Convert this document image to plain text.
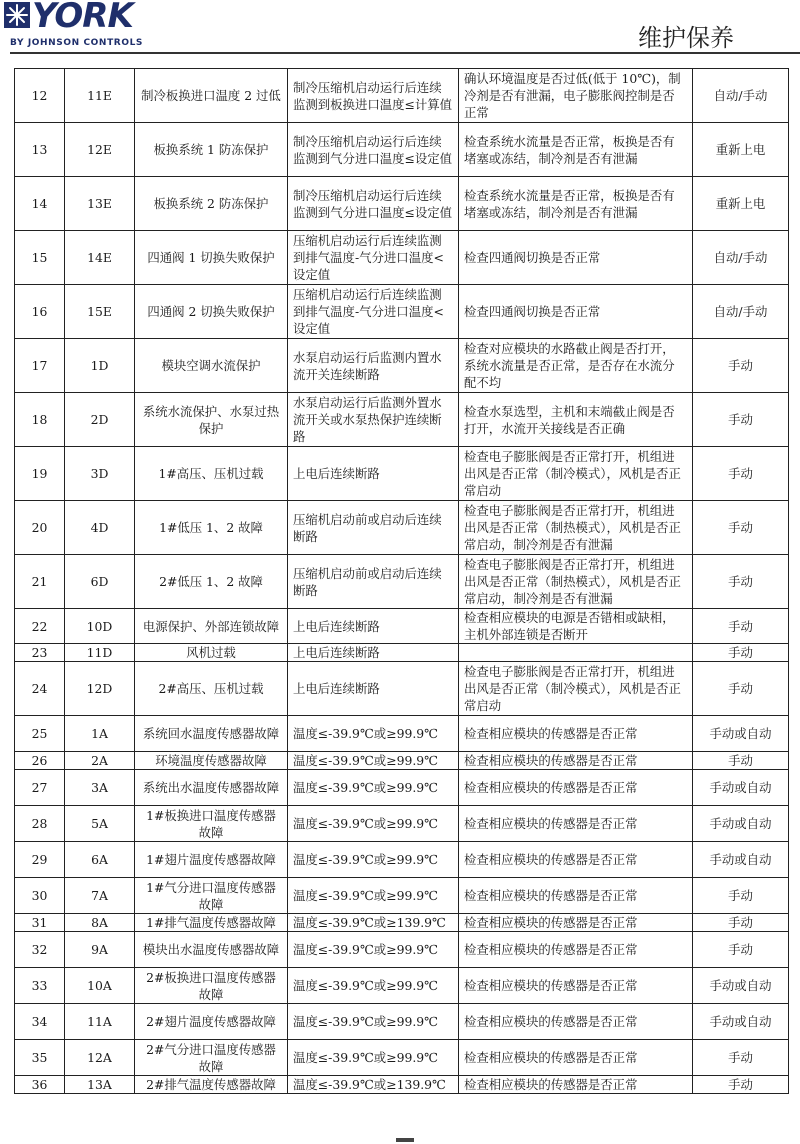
YORK
BY JOHNSON CONTROLS	维护保养
12	11E	制冷板换进口温度 2 过低	制冷压缩机启动运行后连续监测到板换进口温度≤计算值	确认环境温度是否过低(低于 10℃)，制冷剂是否有泄漏，电子膨胀阀控制是否正常	自动/手动
13	12E	板换系统 1 防冻保护	制冷压缩机启动运行后连续监测到气分进口温度≤设定值	检查系统水流量是否正常，板换是否有堵塞或冻结，制冷剂是否有泄漏	重新上电
14	13E	板换系统 2 防冻保护	制冷压缩机启动运行后连续监测到气分进口温度≤设定值	检查系统水流量是否正常，板换是否有堵塞或冻结，制冷剂是否有泄漏	重新上电
15	14E	四通阀 1 切换失败保护	压缩机启动运行后连续监测到排气温度-气分进口温度<设定值	检查四通阀切换是否正常	自动/手动
16	15E	四通阀 2 切换失败保护	压缩机启动运行后连续监测到排气温度-气分进口温度<设定值	检查四通阀切换是否正常	自动/手动
17	1D	模块空调水流保护	水泵启动运行后监测内置水流开关连续断路	检查对应模块的水路截止阀是否打开，系统水流量是否正常，是否存在水流分配不均	手动
18	2D	系统水流保护、水泵过热保护	水泵启动运行后监测外置水流开关或水泵热保护连续断路	检查水泵选型，主机和末端截止阀是否打开，水流开关接线是否正确	手动
19	3D	1#高压、压机过载	上电后连续断路	检查电子膨胀阀是否正常打开，机组进出风是否正常（制冷模式），风机是否正常启动	手动
20	4D	1#低压 1、2 故障	压缩机启动前或启动后连续断路	检查电子膨胀阀是否正常打开，机组进出风是否正常（制热模式），风机是否正常启动，制冷剂是否有泄漏	手动
21	6D	2#低压 1、2 故障	压缩机启动前或启动后连续断路	检查电子膨胀阀是否正常打开，机组进出风是否正常（制热模式），风机是否正常启动，制冷剂是否有泄漏	手动
22	10D	电源保护、外部连锁故障	上电后连续断路	检查相应模块的电源是否错相或缺相，主机外部连锁是否断开	手动
23	11D	风机过载	上电后连续断路		手动
24	12D	2#高压、压机过载	上电后连续断路	检查电子膨胀阀是否正常打开，机组进出风是否正常（制冷模式），风机是否正常启动	手动
25	1A	系统回水温度传感器故障	温度≤-39.9℃或≥99.9℃	检查相应模块的传感器是否正常	手动或自动
26	2A	环境温度传感器故障	温度≤-39.9℃或≥99.9℃	检查相应模块的传感器是否正常	手动
27	3A	系统出水温度传感器故障	温度≤-39.9℃或≥99.9℃	检查相应模块的传感器是否正常	手动或自动
28	5A	1#板换进口温度传感器故障	温度≤-39.9℃或≥99.9℃	检查相应模块的传感器是否正常	手动或自动
29	6A	1#翅片温度传感器故障	温度≤-39.9℃或≥99.9℃	检查相应模块的传感器是否正常	手动或自动
30	7A	1#气分进口温度传感器故障	温度≤-39.9℃或≥99.9℃	检查相应模块的传感器是否正常	手动
31	8A	1#排气温度传感器故障	温度≤-39.9℃或≥139.9℃	检查相应模块的传感器是否正常	手动
32	9A	模块出水温度传感器故障	温度≤-39.9℃或≥99.9℃	检查相应模块的传感器是否正常	手动
33	10A	2#板换进口温度传感器故障	温度≤-39.9℃或≥99.9℃	检查相应模块的传感器是否正常	手动或自动
34	11A	2#翅片温度传感器故障	温度≤-39.9℃或≥99.9℃	检查相应模块的传感器是否正常	手动或自动
35	12A	2#气分进口温度传感器故障	温度≤-39.9℃或≥99.9℃	检查相应模块的传感器是否正常	手动
36	13A	2#排气温度传感器故障	温度≤-39.9℃或≥139.9℃	检查相应模块的传感器是否正常	手动
